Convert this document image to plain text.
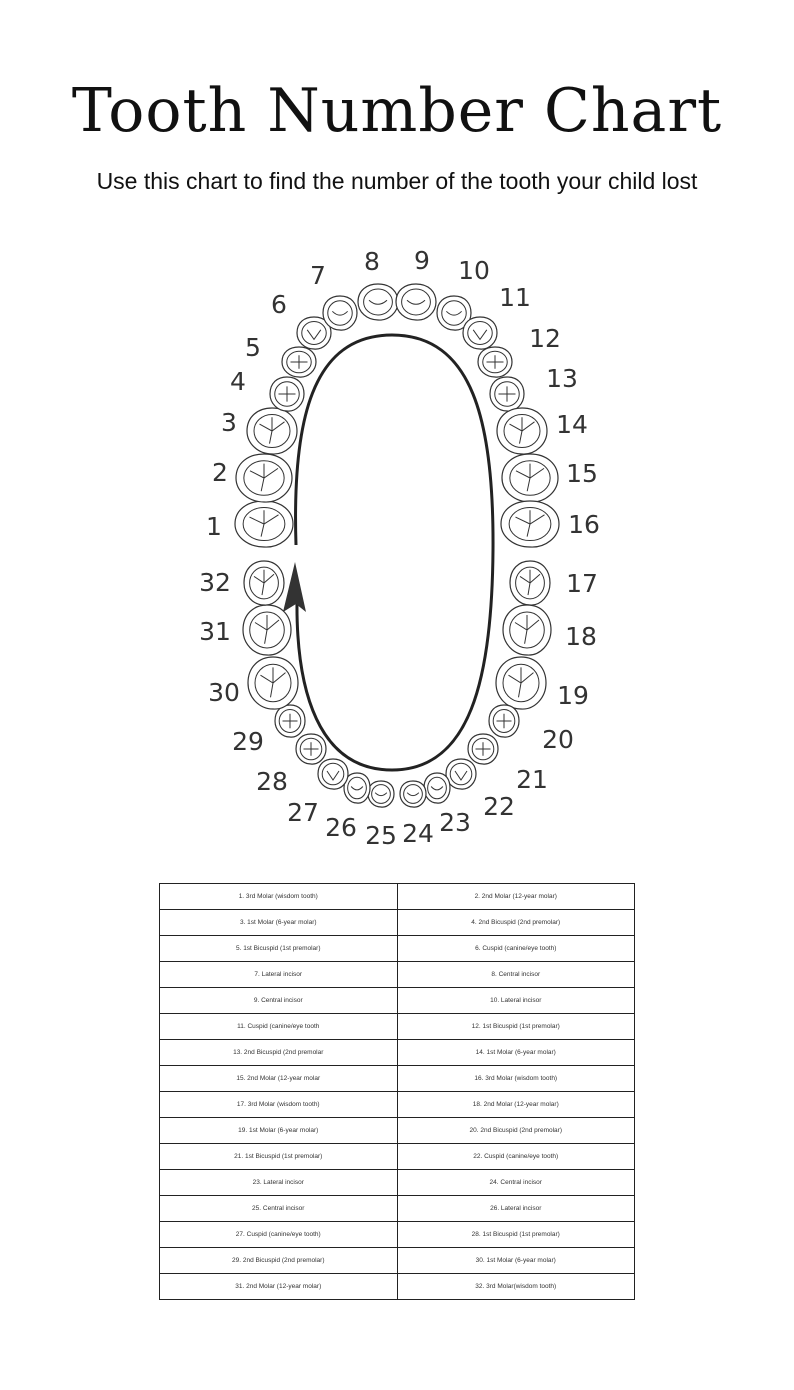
Tooth Number Chart

Use this chart to find the number of the tooth your child lost

1
2
3
4
5
6
7 8 9 10
11
12
13
14
15
16
17
18
19
20
21
22
23
24
25
26
27
28
29
30
31
32
1. 3rd Molar (wisdom tooth)	2. 2nd Molar (12-year molar)
3. 1st Molar (6-year molar)	4. 2nd Bicuspid (2nd premolar)
5. 1st Bicuspid (1st premolar)	6. Cuspid (canine/eye tooth)
7. Lateral incisor	8. Central incisor
9. Central incisor	10. Lateral incisor
11. Cuspid (canine/eye tooth	12. 1st Bicuspid (1st premolar)
13. 2nd Bicuspid (2nd premolar	14. 1st Molar (6-year molar)
15. 2nd Molar (12-year molar	16. 3rd Molar (wisdom tooth)
17. 3rd Molar (wisdom tooth)	18. 2nd Molar (12-year molar)
19. 1st Molar (6-year molar)	20. 2nd Bicuspid (2nd premolar)
21. 1st Bicuspid (1st premolar)	22. Cuspid (canine/eye tooth)
23. Lateral incisor	24. Central incisor
25. Central incisor	26. Lateral incisor
27. Cuspid (canine/eye tooth)	28. 1st Bicuspid (1st premolar)
29. 2nd Bicuspid (2nd premolar)	30. 1st Molar (6-year molar)
31. 2nd Molar (12-year molar)	32. 3rd Molar(wisdom tooth)
